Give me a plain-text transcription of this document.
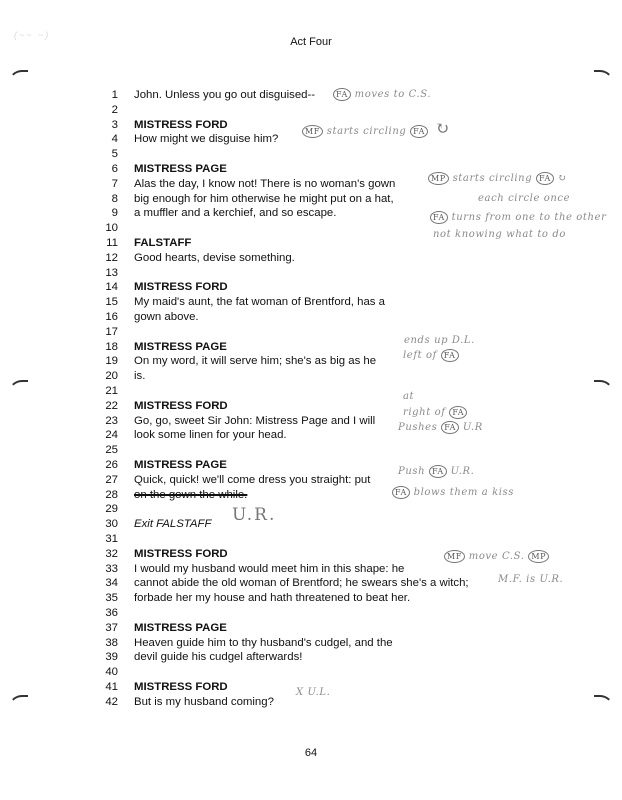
(~~ ~)
Act Four
1 John. Unless you go out disguised--
2
3 MISTRESS FORD
4 How might we disguise him?
5
6 MISTRESS PAGE
7 Alas the day, I know not! There is no woman's gown
8 big enough for him otherwise he might put on a hat,
9 a muffler and a kerchief, and so escape.
10
11 FALSTAFF
12 Good hearts, devise something.
13
14 MISTRESS FORD
15 My maid's aunt, the fat woman of Brentford, has a
16 gown above.
17
18 MISTRESS PAGE
19 On my word, it will serve him; she's as big as he
20 is.
21
22 MISTRESS FORD
23 Go, go, sweet Sir John: Mistress Page and I will
24 look some linen for your head.
25
26 MISTRESS PAGE
27 Quick, quick! we'll come dress you straight: put
28 on the gown the while.
29
30 Exit FALSTAFF
31
32 MISTRESS FORD
33 I would my husband would meet him in this shape: he
34 cannot abide the old woman of Brentford; he swears she's a witch;
35 forbade her my house and hath threatened to beat her.
36
37 MISTRESS PAGE
38 Heaven guide him to thy husband's cudgel, and the
39 devil guide his cudgel afterwards!
40
41 MISTRESS FORD
42 But is my husband coming?
FA moves to C.S.
MF starts circling FA ↻
MP starts circling FA ↻
each circle once
FA turns from one to the other
not knowing what to do
ends up D.L.
left of FA
at
right of FA
Pushes FA U.R
Push FA U.R.
FA blows them a kiss
U.R.
MF move C.S. MP
M.F. is U.R.
X U.L.
64
